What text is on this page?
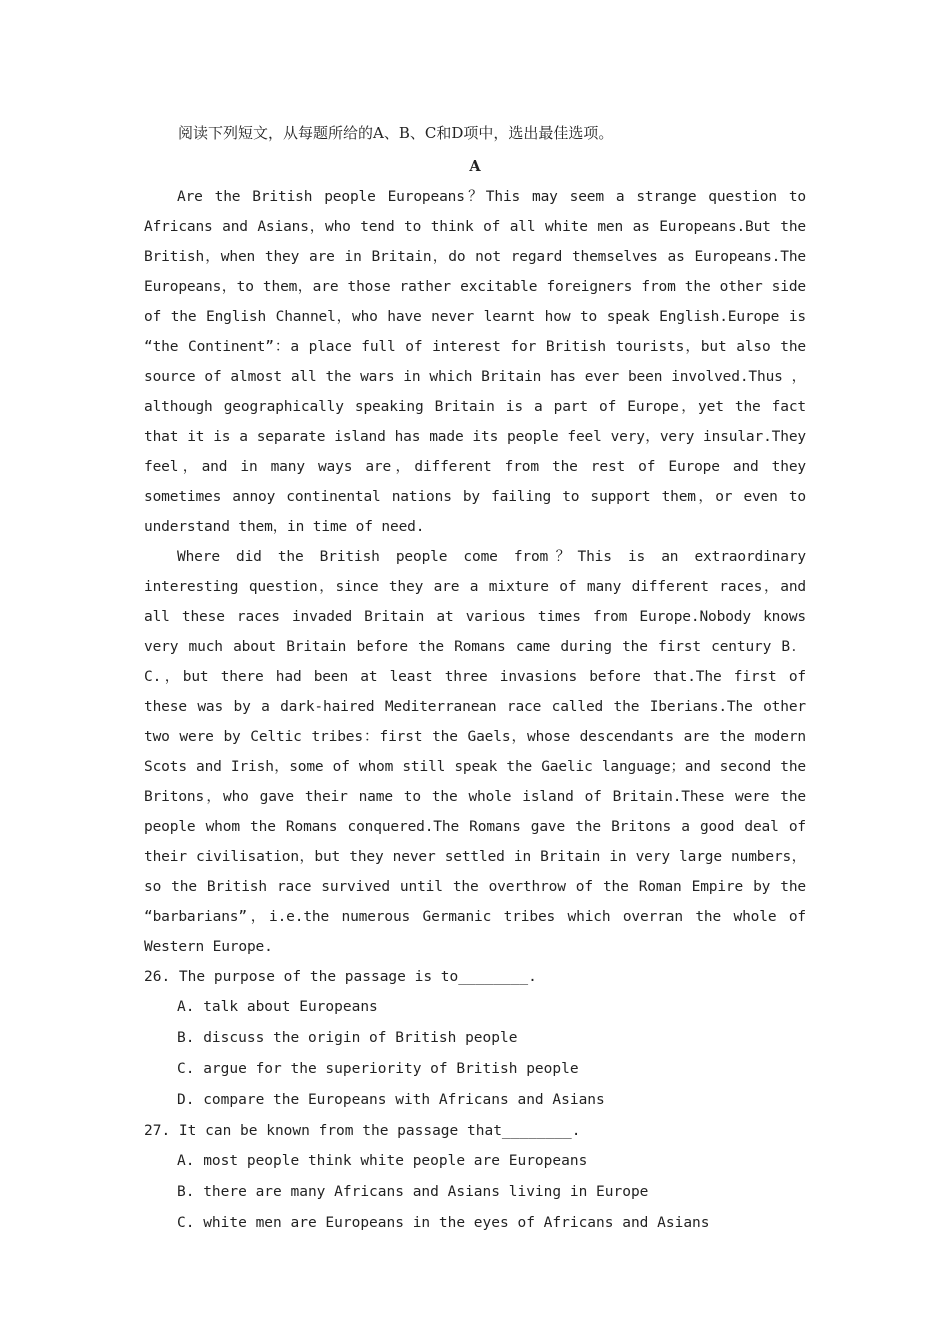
阅读下列短文，从每题所给的A、B、C和D项中，选出最佳选项。

A

Are the British people Europeans？This may seem a strange question to Africans and Asians，who tend to think of all white men as Europeans.But the British，when they are in Britain，do not regard themselves as Europeans.The Europeans，to them，are those rather excitable foreigners from the other side of the English Channel，who have never learnt how to speak English.Europe is “the Continent”：a place full of interest for British tourists，but also the source of almost all the wars in which Britain has ever been involved.Thus ， although geographically speaking Britain is a part of Europe，yet the fact that it is a separate island has made its people feel very，very insular.They feel，and in many ways are，different from the rest of Europe and they sometimes annoy continental nations by failing to support them，or even to understand them，in time of need.

Where did the British people come from？This is an extraordinary interesting question，since they are a mixture of many different races，and all these races invaded Britain at various times from Europe.Nobody knows very much about Britain before the Romans came during the first century B．C.，but there had been at least three invasions before that.The first of these was by a dark-haired Mediterranean race called the Iberians.The other two were by Celtic tribes：first the Gaels，whose descendants are the modern Scots and Irish，some of whom still speak the Gaelic language；and second the Britons，who gave their name to the whole island of Britain.These were the people whom the Romans conquered.The Romans gave the Britons a good deal of their civilisation，but they never settled in Britain in very large numbers，so the British race survived until the overthrow of the Roman Empire by the “barbarians”，i.e.the numerous Germanic tribes which overran the whole of Western Europe.

26. The purpose of the passage is to________.

A. talk about Europeans

B. discuss the origin of British people

C. argue for the superiority of British people

D. compare the Europeans with Africans and Asians

27. It can be known from the passage that________.

A. most people think white people are Europeans

B. there are many Africans and Asians living in Europe

C. white men are Europeans in the eyes of Africans and Asians
